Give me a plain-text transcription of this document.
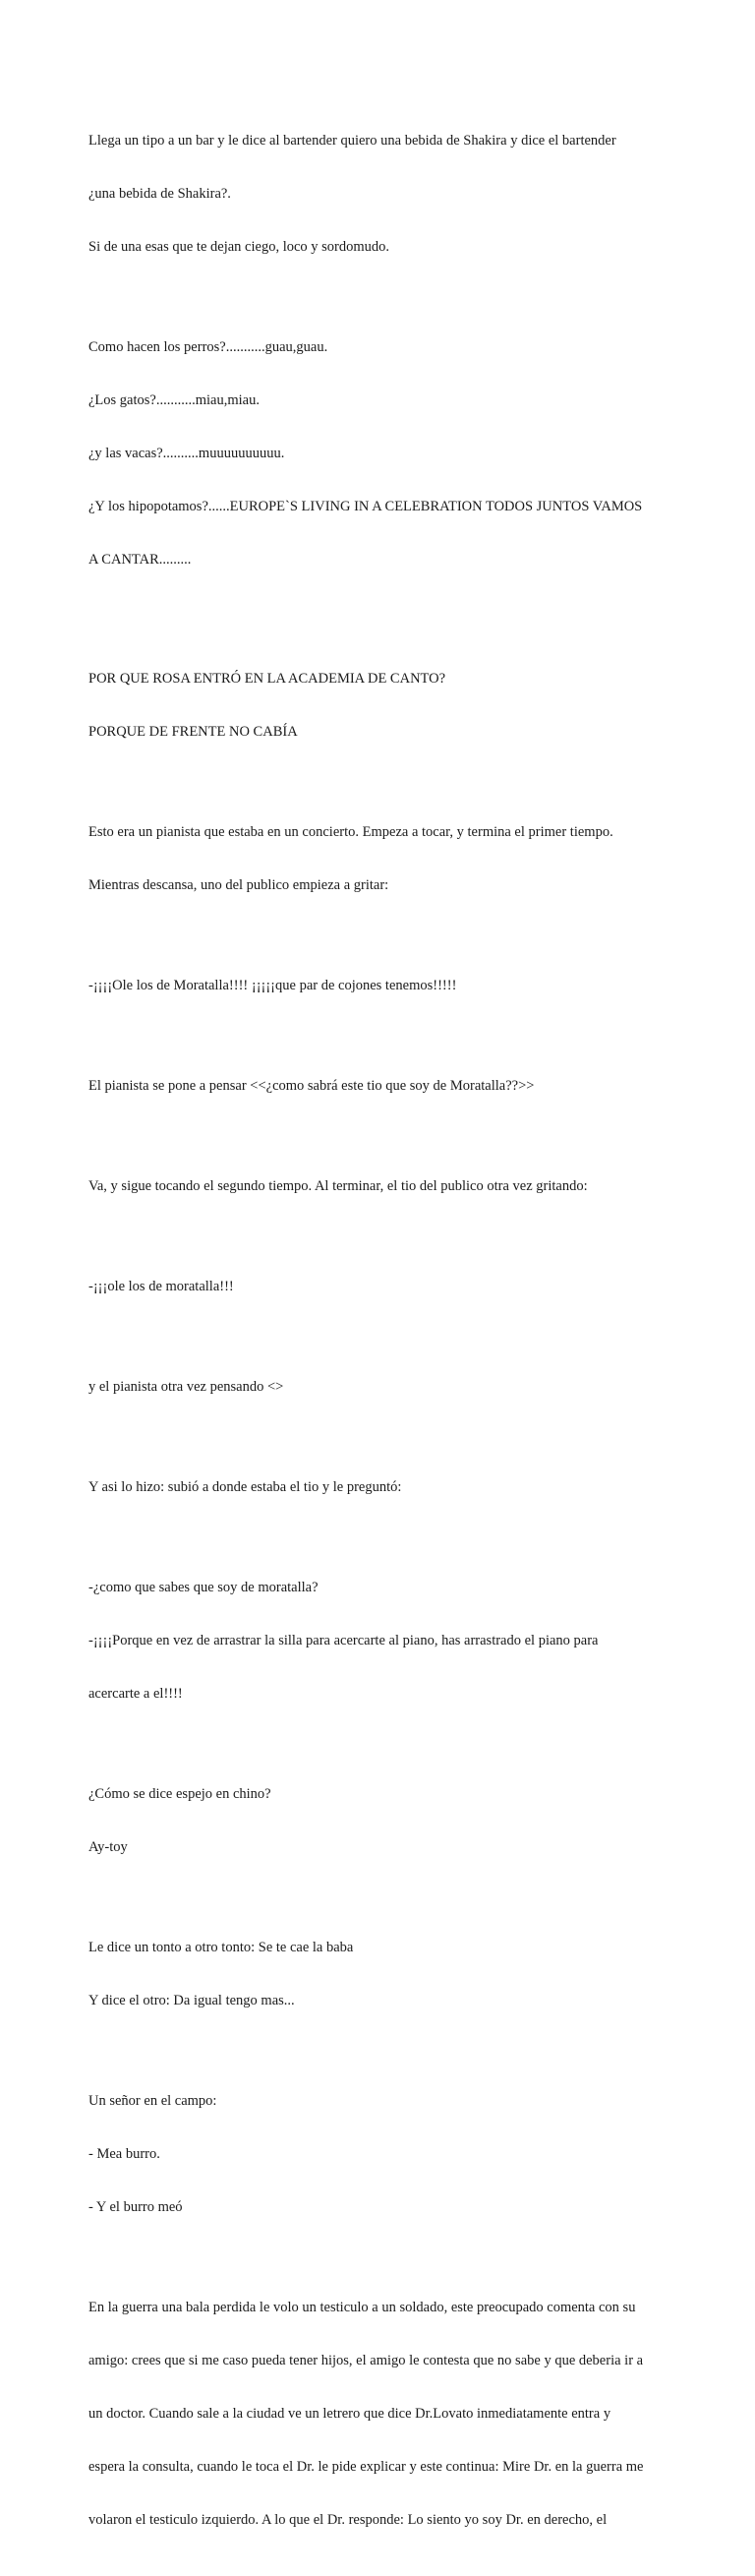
Llega un tipo a un bar y le dice al bartender quiero una bebida de Shakira y dice el bartender

¿una bebida de Shakira?.

Si de una esas que te dejan ciego, loco y sordomudo.

Como hacen los perros?...........guau,guau.

¿Los gatos?...........miau,miau.

¿y las vacas?..........muuuuuuuuuu.

¿Y los hipopotamos?......EUROPE`S LIVING IN A CELEBRATION TODOS JUNTOS VAMOS

A CANTAR.........

POR QUE ROSA ENTRÓ EN LA ACADEMIA DE CANTO?

PORQUE DE FRENTE NO CABÍA

Esto era un pianista que estaba en un concierto. Empeza a tocar, y termina el primer tiempo.

Mientras descansa, uno del publico empieza a gritar:

-¡¡¡¡Ole los de Moratalla!!!! ¡¡¡¡¡que par de cojones tenemos!!!!!

El pianista se pone a pensar <<¿como sabrá este tio que soy de Moratalla??>>

Va, y sigue tocando el segundo tiempo. Al terminar, el tio del publico otra vez gritando:

-¡¡¡ole los de moratalla!!!

y el pianista otra vez pensando <>

Y asi lo hizo: subió a donde estaba el tio y le preguntó:

-¿como que sabes que soy de moratalla?

-¡¡¡¡Porque en vez de arrastrar la silla para acercarte al piano, has arrastrado el piano para

acercarte a el!!!!

¿Cómo se dice espejo en chino?

Ay-toy

Le dice un tonto a otro tonto: Se te cae la baba

Y dice el otro: Da igual tengo mas...

Un señor en el campo:

- Mea burro.

- Y el burro meó

En la guerra una bala perdida le volo un testiculo a un soldado, este preocupado comenta con su

amigo: crees que si me caso pueda tener hijos, el amigo le contesta que no sabe y que deberia ir a

un doctor. Cuando sale a la ciudad ve un letrero que dice Dr.Lovato inmediatamente entra y

espera la consulta, cuando le toca el Dr. le pide explicar y este continua: Mire Dr. en la guerra me

volaron el testiculo izquierdo. A lo que el Dr. responde: Lo siento yo soy Dr. en derecho, el
